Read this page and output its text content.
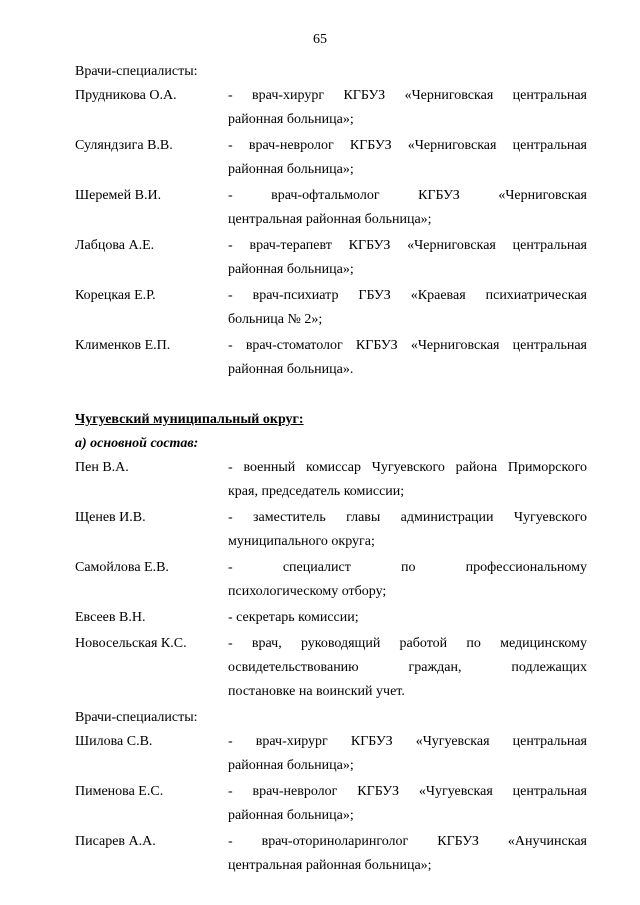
65
Врачи-специалисты:
Прудникова О.А.	- врач-хирург КГБУЗ «Черниговская центральная
районная больница»;
Суляндзига В.В.	- врач-невролог КГБУЗ «Черниговская центральная
районная больница»;
Шеремей В.И.	- врач-офтальмолог КГБУЗ «Черниговская
центральная районная больница»;
Лабцова А.Е.	- врач-терапевт КГБУЗ «Черниговская центральная
районная больница»;
Корецкая Е.Р.	- врач-психиатр ГБУЗ «Краевая психиатрическая
больница № 2»;
Клименков Е.П.	- врач-стоматолог КГБУЗ «Черниговская центральная
районная больница».
Чугуевский муниципальный округ:
а) основной состав:
Пен В.А.	- военный комиссар Чугуевского района Приморского
края, председатель комиссии;
Щенев И.В.	- заместитель главы администрации Чугуевского
муниципального округа;
Самойлова Е.В.	- специалист по профессиональному
психологическому отбору;
Евсеев В.Н.	- секретарь комиссии;
Новосельская К.С.	- врач, руководящий работой по медицинскому
освидетельствованию граждан, подлежащих
постановке на воинский учет.
Врачи-специалисты:
Шилова С.В.	- врач-хирург КГБУЗ «Чугуевская центральная
районная больница»;
Пименова Е.С.	- врач-невролог КГБУЗ «Чугуевская центральная
районная больница»;
Писарев А.А.	- врач-оториноларинголог КГБУЗ «Анучинская
центральная районная больница»;
